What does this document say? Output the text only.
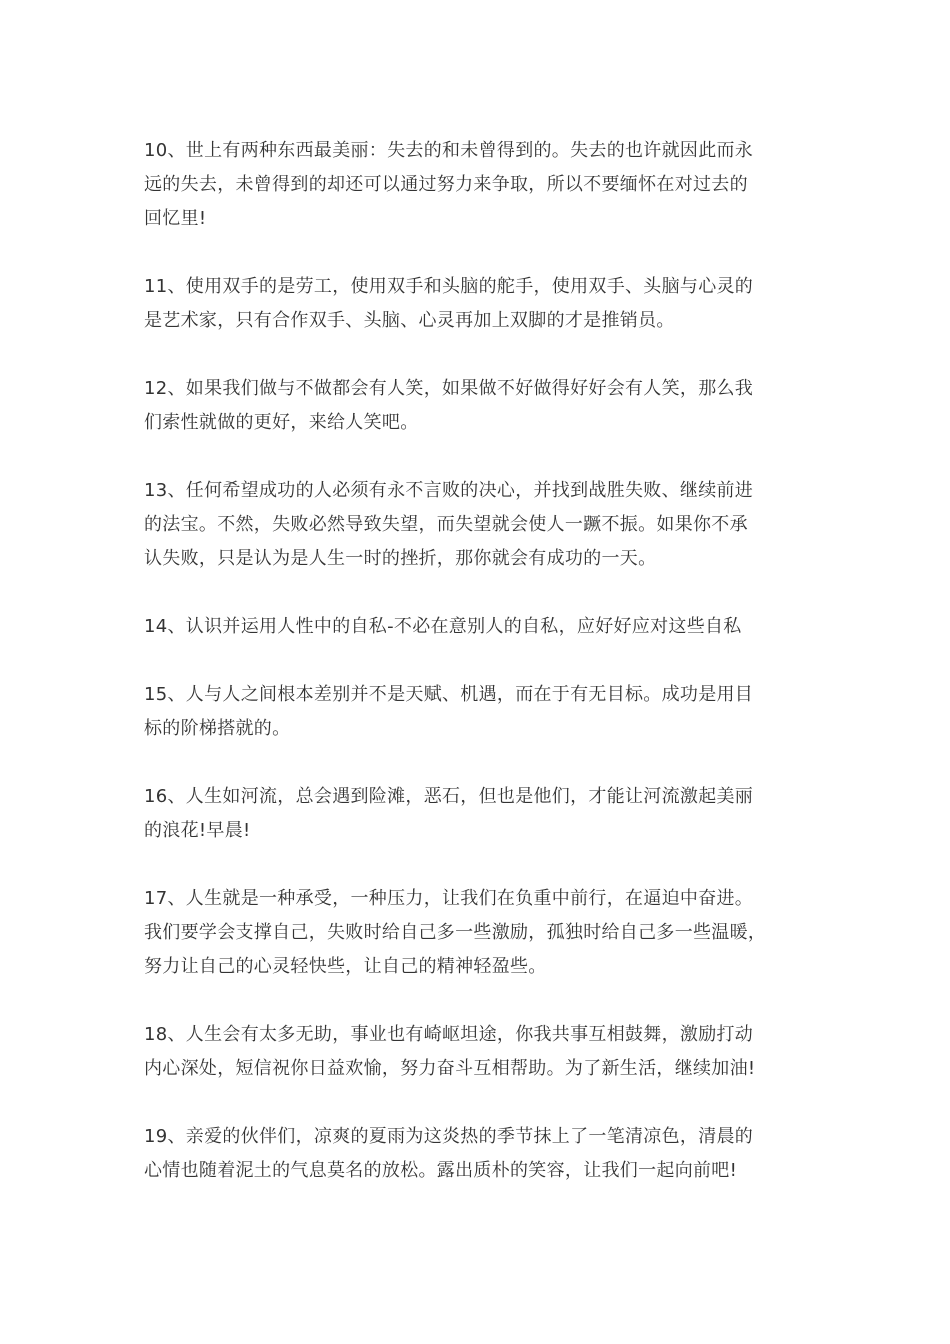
10、世上有两种东西最美丽：失去的和未曾得到的。失去的也许就因此而永
远的失去，未曾得到的却还可以通过努力来争取，所以不要缅怀在对过去的
回忆里!

11、使用双手的是劳工，使用双手和头脑的舵手，使用双手、头脑与心灵的
是艺术家，只有合作双手、头脑、心灵再加上双脚的才是推销员。

12、如果我们做与不做都会有人笑，如果做不好做得好好会有人笑，那么我
们索性就做的更好，来给人笑吧。

13、任何希望成功的人必须有永不言败的决心，并找到战胜失败、继续前进
的法宝。不然，失败必然导致失望，而失望就会使人一蹶不振。如果你不承
认失败，只是认为是人生一时的挫折，那你就会有成功的一天。

14、认识并运用人性中的自私-不必在意别人的自私，应好好应对这些自私

15、人与人之间根本差别并不是天赋、机遇，而在于有无目标。成功是用目
标的阶梯搭就的。

16、人生如河流，总会遇到险滩，恶石，但也是他们，才能让河流激起美丽
的浪花!早晨!

17、人生就是一种承受，一种压力，让我们在负重中前行，在逼迫中奋进。
我们要学会支撑自己，失败时给自己多一些激励，孤独时给自己多一些温暖，
努力让自己的心灵轻快些，让自己的精神轻盈些。

18、人生会有太多无助，事业也有崎岖坦途，你我共事互相鼓舞，激励打动
内心深处，短信祝你日益欢愉，努力奋斗互相帮助。为了新生活，继续加油!

19、亲爱的伙伴们，凉爽的夏雨为这炎热的季节抹上了一笔清凉色，清晨的
心情也随着泥土的气息莫名的放松。露出质朴的笑容，让我们一起向前吧!
